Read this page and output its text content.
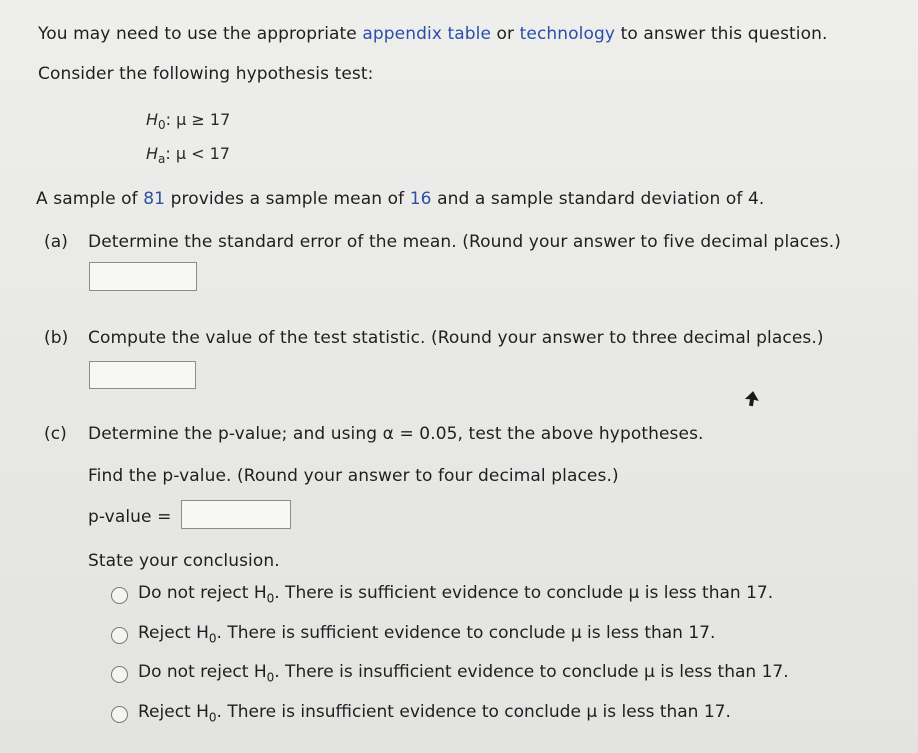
You may need to use the appropriate appendix table or technology to answer this question.
Consider the following hypothesis test:
$H_0$: μ ≥ 17
$H_a$: μ < 17
A sample of 81 provides a sample mean of 16 and a sample standard deviation of 4.
(a) Determine the standard error of the mean. (Round your answer to five decimal places.)
(b) Compute the value of the test statistic. (Round your answer to three decimal places.)
(c) Determine the p-value; and using α = 0.05, test the above hypotheses.
Find the p-value. (Round your answer to four decimal places.)
p-value =
State your conclusion.
Do not reject $H_0$. There is sufficient evidence to conclude μ is less than 17.
Reject $H_0$. There is sufficient evidence to conclude μ is less than 17.
Do not reject $H_0$. There is insufficient evidence to conclude μ is less than 17.
Reject $H_0$. There is insufficient evidence to conclude μ is less than 17.
